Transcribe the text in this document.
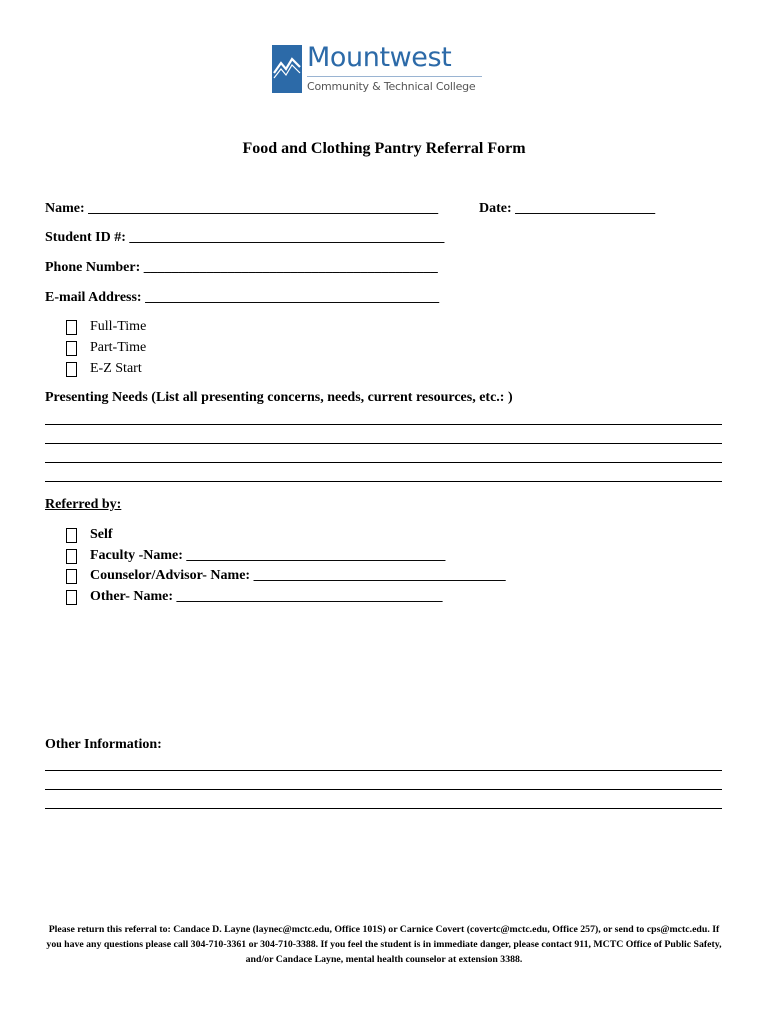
Mountwest
Community & Technical College
Food and Clothing Pantry Referral Form
Name: __________________________________________________	Date: ____________________
Student ID #: _____________________________________________
Phone Number: __________________________________________
E-mail Address: __________________________________________
Full-Time
Part-Time
E-Z Start
Presenting Needs (List all presenting concerns, needs, current resources, etc.: )
Referred by:
Self
Faculty -Name: _____________________________________
Counselor/Advisor- Name: ____________________________________
Other- Name: ______________________________________
Other Information:
Please return this referral to: Candace D. Layne (laynec@mctc.edu, Office 101S) or Carnice Covert (covertc@mctc.edu, Office 257), or send to cps@mctc.edu. If you have any questions please call 304-710-3361 or 304-710-3388. If you feel the student is in immediate danger, please contact 911, MCTC Office of Public Safety, and/or Candace Layne, mental health counselor at extension 3388.
